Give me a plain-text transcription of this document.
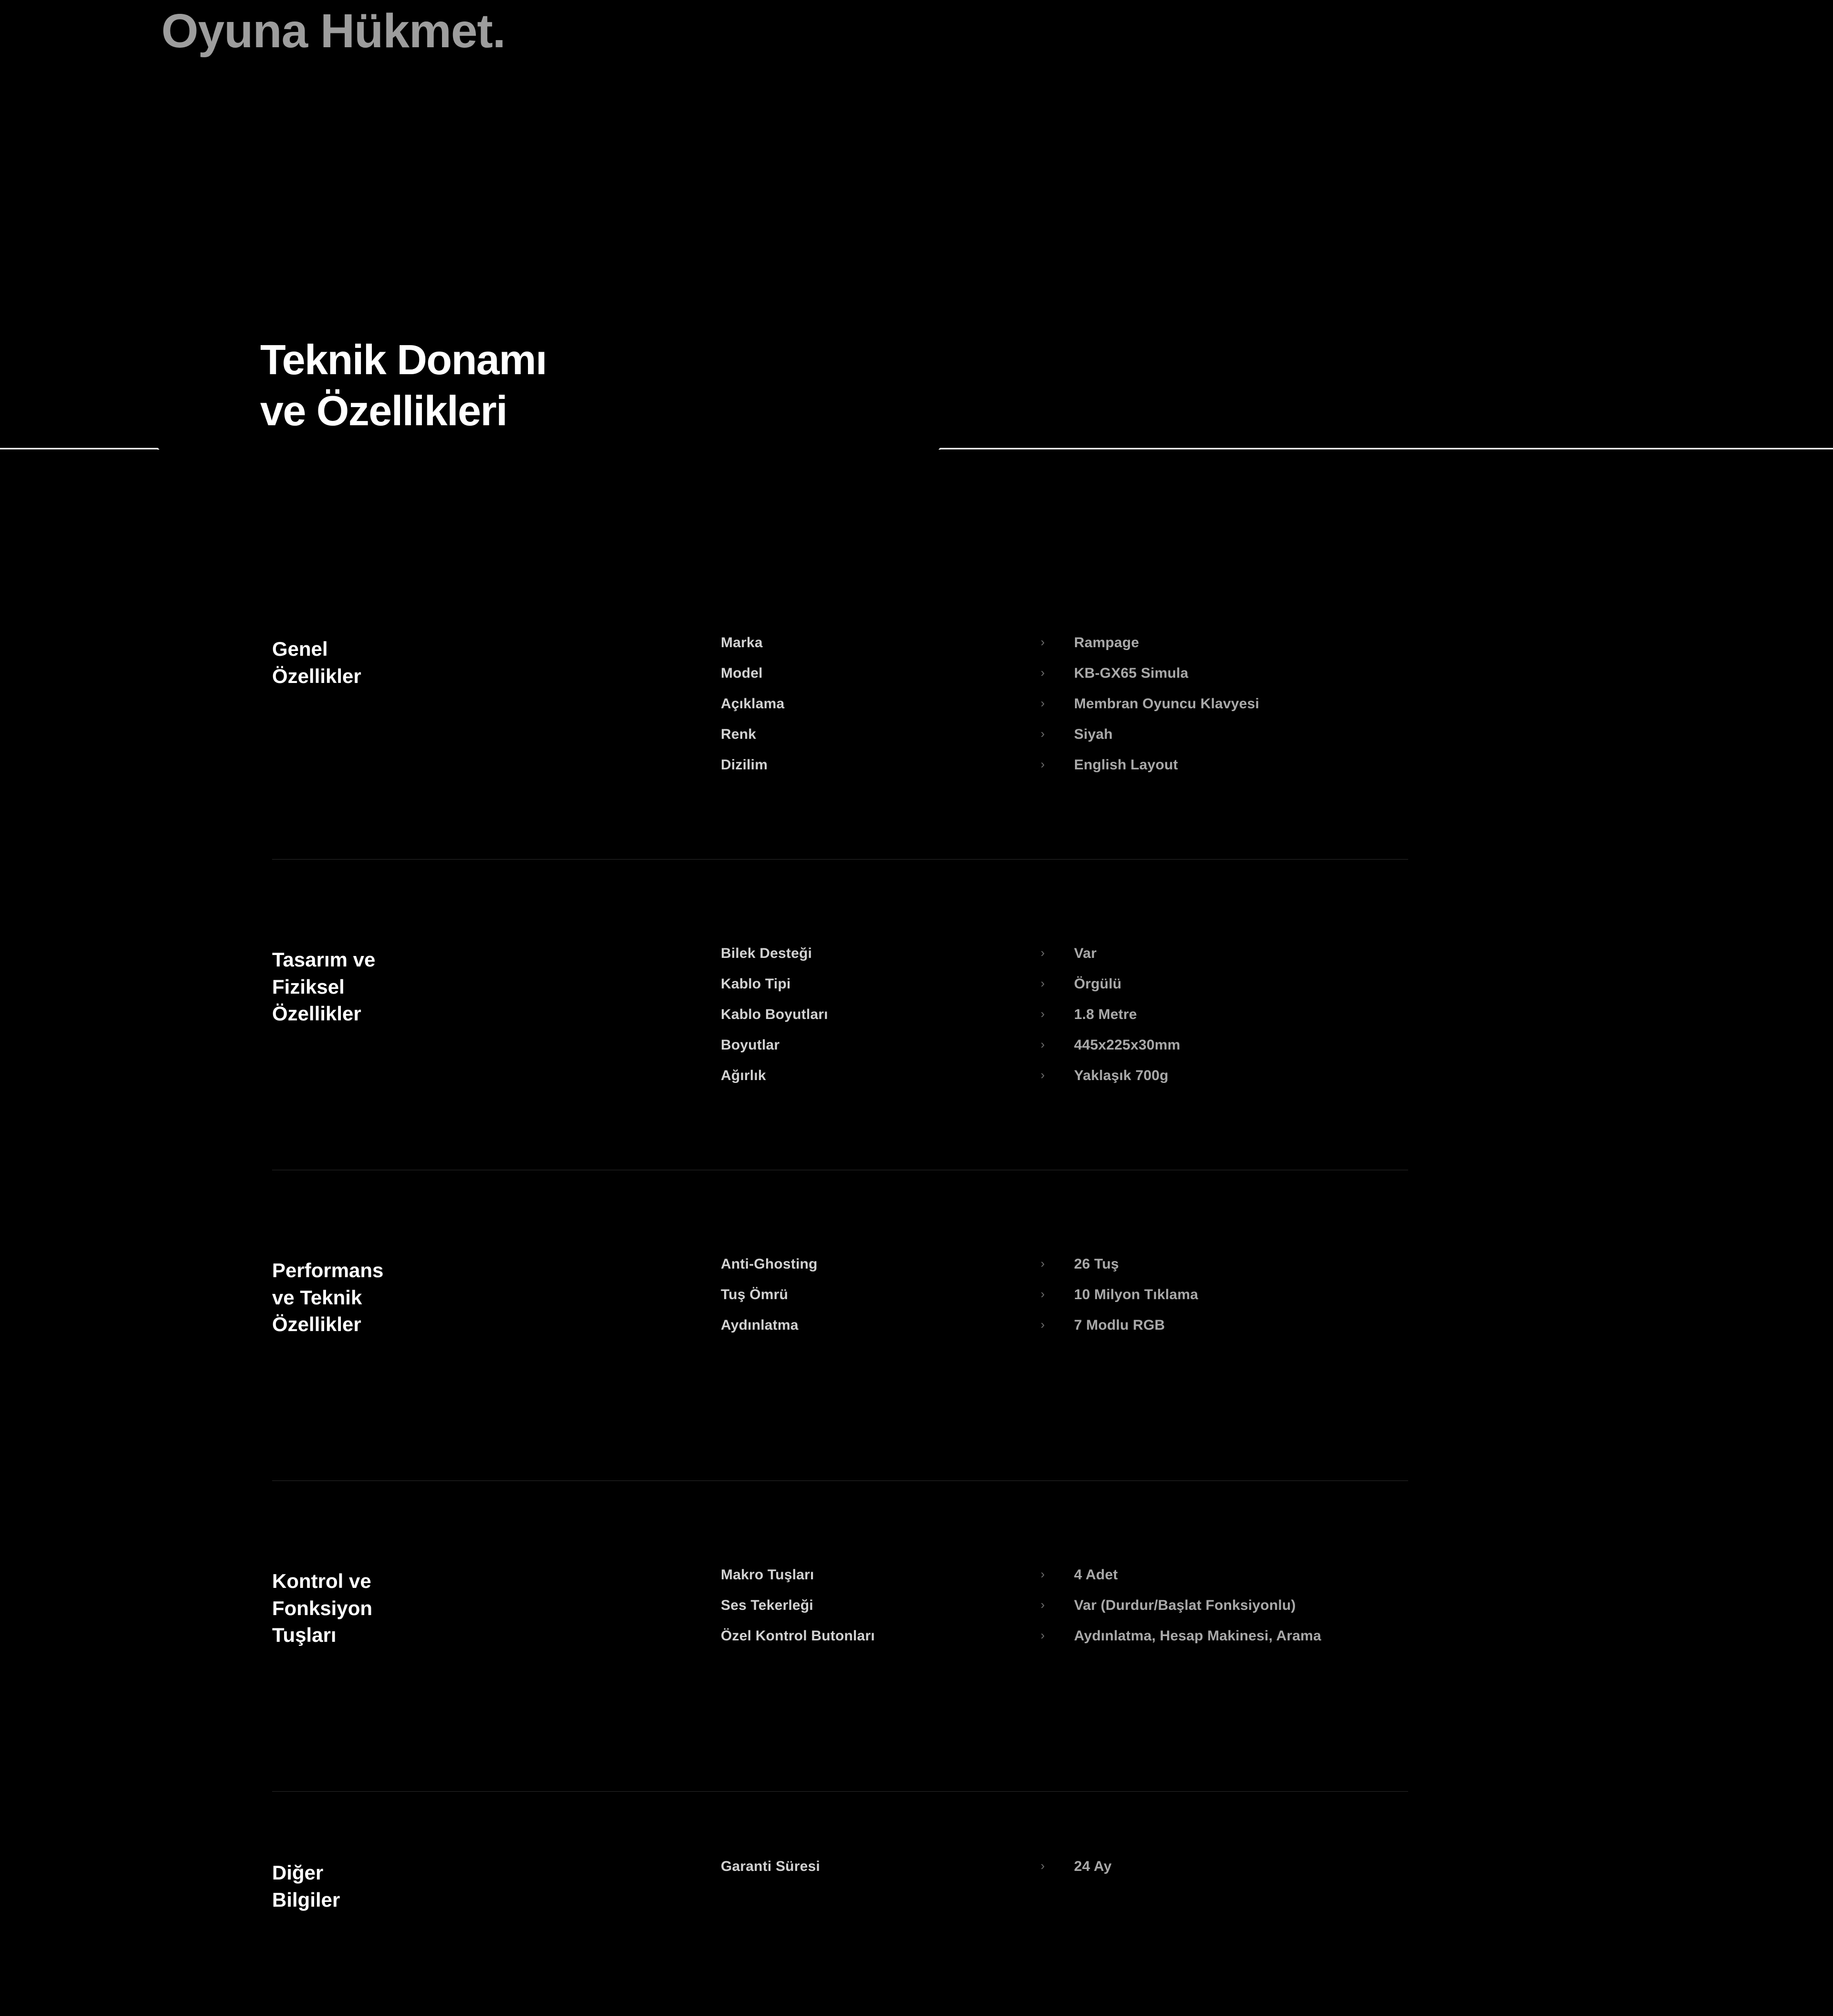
Oyuna Hükmet.
Teknik Donamı
ve Özellikleri
Genel
Özellikler
Marka	›	Rampage
Model	›	KB-GX65 Simula
Açıklama	›	Membran Oyuncu Klavyesi
Renk	›	Siyah
Dizilim	›	English Layout
Tasarım ve
Fiziksel
Özellikler
Bilek Desteği	›	Var
Kablo Tipi	›	Örgülü
Kablo Boyutları	›	1.8 Metre
Boyutlar	›	445x225x30mm
Ağırlık	›	Yaklaşık 700g
Performans
ve Teknik
Özellikler
Anti-Ghosting	›	26 Tuş
Tuş Ömrü	›	10 Milyon Tıklama
Aydınlatma	›	7 Modlu RGB
Kontrol ve
Fonksiyon
Tuşları
Makro Tuşları	›	4 Adet
Ses Tekerleği	›	Var (Durdur/Başlat Fonksiyonlu)
Özel Kontrol Butonları	›	Aydınlatma, Hesap Makinesi, Arama
Diğer
Bilgiler
Garanti Süresi	›	24 Ay
